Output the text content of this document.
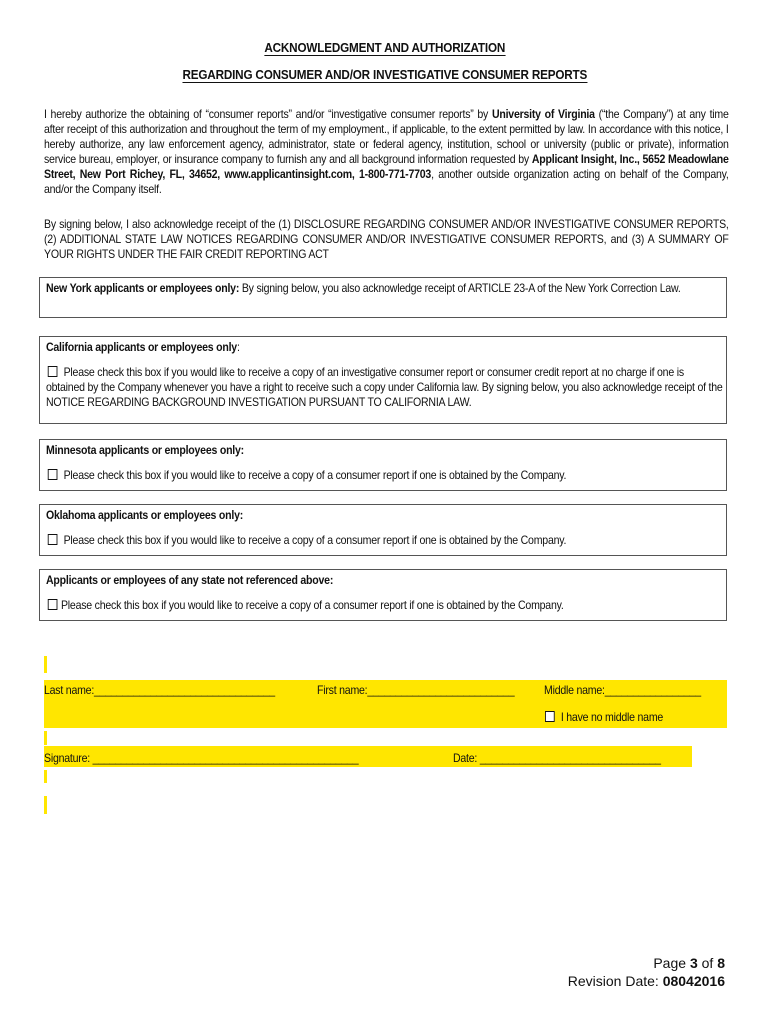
ACKNOWLEDGMENT AND AUTHORIZATION
REGARDING CONSUMER AND/OR INVESTIGATIVE CONSUMER REPORTS
I hereby authorize the obtaining of “consumer reports” and/or “investigative consumer reports” by University of Virginia (“the Company”) at any time after receipt of this authorization and throughout the term of my employment., if applicable, to the extent permitted by law. In accordance with this notice, I hereby authorize, any law enforcement agency, administrator, state or federal agency, institution, school or university (public or private), information service bureau, employer, or insurance company to furnish any and all background information requested by Applicant Insight, Inc., 5652 Meadowlane Street, New Port Richey, FL, 34652, www.applicantinsight.com, 1-800-771-7703, another outside organization acting on behalf of the Company, and/or the Company itself.
By signing below, I also acknowledge receipt of the (1) DISCLOSURE REGARDING CONSUMER AND/OR INVESTIGATIVE CONSUMER REPORTS, (2) ADDITIONAL STATE LAW NOTICES REGARDING CONSUMER AND/OR INVESTIGATIVE CONSUMER REPORTS, and (3) A SUMMARY OF YOUR RIGHTS UNDER THE FAIR CREDIT REPORTING ACT
New York applicants or employees only: By signing below, you also acknowledge receipt of ARTICLE 23-A of the New York Correction Law.
California applicants or employees only:
Please check this box if you would like to receive a copy of an investigative consumer report or consumer credit report at no charge if one is obtained by the Company whenever you have a right to receive such a copy under California law. By signing below, you also acknowledge receipt of the NOTICE REGARDING BACKGROUND INVESTIGATION PURSUANT TO CALIFORNIA LAW.
Minnesota applicants or employees only:
Please check this box if you would like to receive a copy of a consumer report if one is obtained by the Company.
Oklahoma applicants or employees only:
Please check this box if you would like to receive a copy of a consumer report if one is obtained by the Company.
Applicants or employees of any state not referenced above:
Please check this box if you would like to receive a copy of a consumer report if one is obtained by the Company.
Last name:________________________________	First name:__________________________ Middle name:_________________
I have no middle name
Signature: _______________________________________________	Date: ________________________________
Page 3 of 8
Revision Date: 08042016
